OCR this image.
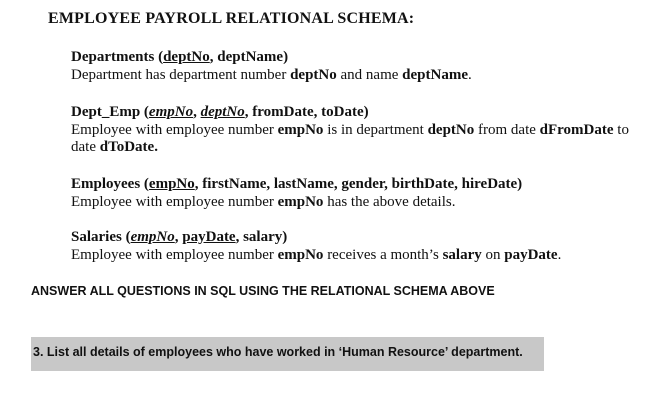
EMPLOYEE PAYROLL RELATIONAL SCHEMA:
Departments (deptNo, deptName)
Department has department number deptNo and name deptName.
Dept_Emp (empNo, deptNo, fromDate, toDate)
Employee with employee number empNo is in department deptNo from date dFromDate to date dToDate.
Employees (empNo, firstName, lastName, gender, birthDate, hireDate)
Employee with employee number empNo has the above details.
Salaries (empNo, payDate, salary)
Employee with employee number empNo receives a month’s salary on payDate.
ANSWER ALL QUESTIONS IN SQL USING THE RELATIONAL SCHEMA ABOVE
3. List all details of employees who have worked in ‘Human Resource’ department.
